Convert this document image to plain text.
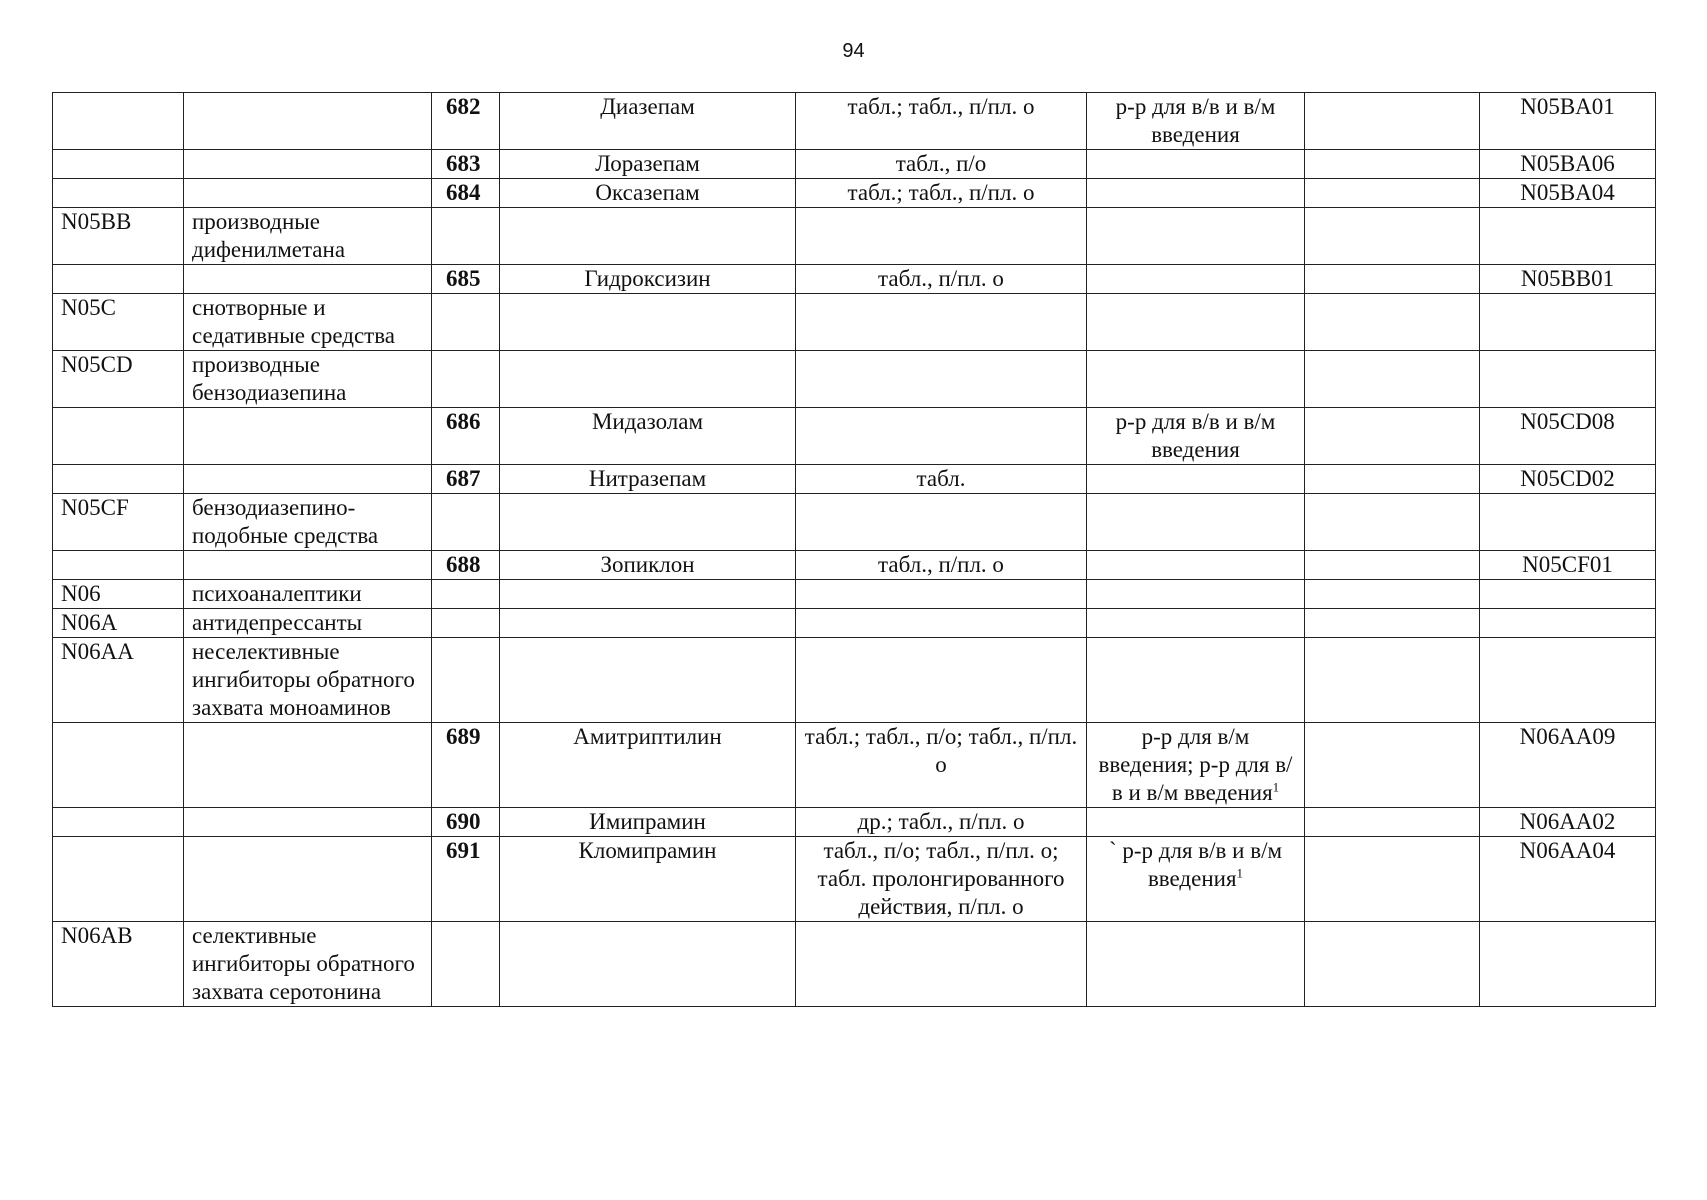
94
		682	Диазепам	табл.; табл., п/пл. о	р-р для в/в и в/м введения		N05BA01
		683	Лоразепам	табл., п/о			N05BA06
		684	Оксазепам	табл.; табл., п/пл. о			N05BA04
N05BB	производные дифенилметана						
		685	Гидроксизин	табл., п/пл. о			N05BB01
N05C	снотворные и седативные средства						
N05CD	производные бензодиазепина						
		686	Мидазолам		р-р для в/в и в/м введения		N05CD08
		687	Нитразепам	табл.			N05CD02
N05CF	бензодиазепино-подобные средства						
		688	Зопиклон	табл., п/пл. о			N05CF01
N06	психоаналептики						
N06A	антидепрессанты						
N06AA	неселективные ингибиторы обратного захвата моноаминов						
		689	Амитриптилин	табл.; табл., п/о; табл., п/пл. о	р-р для в/м введения; р-р для в/в и в/м введения$^1$		N06AA09
		690	Имипрамин	др.; табл., п/пл. о			N06AA02
		691	Кломипрамин	табл., п/о; табл., п/пл. о; табл. пролонгированного действия, п/пл. о	` р-р для в/в и в/м введения$^1$		N06AA04
N06AB	селективные ингибиторы обратного захвата серотонина						
